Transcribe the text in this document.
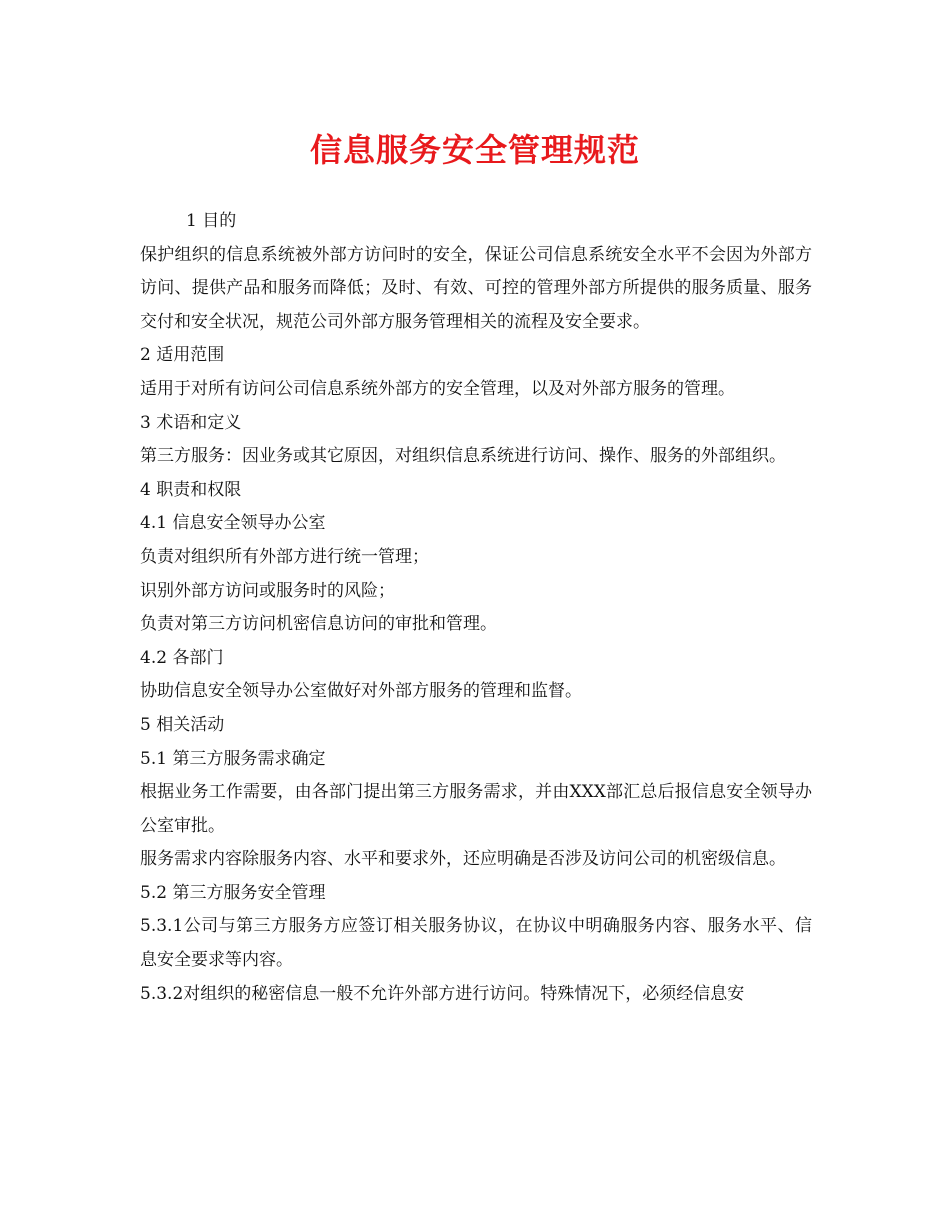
信息服务安全管理规范

1 目的

保护组织的信息系统被外部方访问时的安全，保证公司信息系统安全水平不会因为外部方访问、提供产品和服务而降低；及时、有效、可控的管理外部方所提供的服务质量、服务交付和安全状况，规范公司外部方服务管理相关的流程及安全要求。

2 适用范围

适用于对所有访问公司信息系统外部方的安全管理，以及对外部方服务的管理。

3 术语和定义

第三方服务：因业务或其它原因，对组织信息系统进行访问、操作、服务的外部组织。

4 职责和权限

4.1 信息安全领导办公室

负责对组织所有外部方进行统一管理；

识别外部方访问或服务时的风险；

负责对第三方访问机密信息访问的审批和管理。

4.2 各部门

协助信息安全领导办公室做好对外部方服务的管理和监督。

5 相关活动

5.1 第三方服务需求确定

根据业务工作需要，由各部门提出第三方服务需求，并由XXX部汇总后报信息安全领导办公室审批。

服务需求内容除服务内容、水平和要求外，还应明确是否涉及访问公司的机密级信息。

5.2 第三方服务安全管理

5.3.1公司与第三方服务方应签订相关服务协议，在协议中明确服务内容、服务水平、信息安全要求等内容。

5.3.2对组织的秘密信息一般不允许外部方进行访问。特殊情况下，必须经信息安
